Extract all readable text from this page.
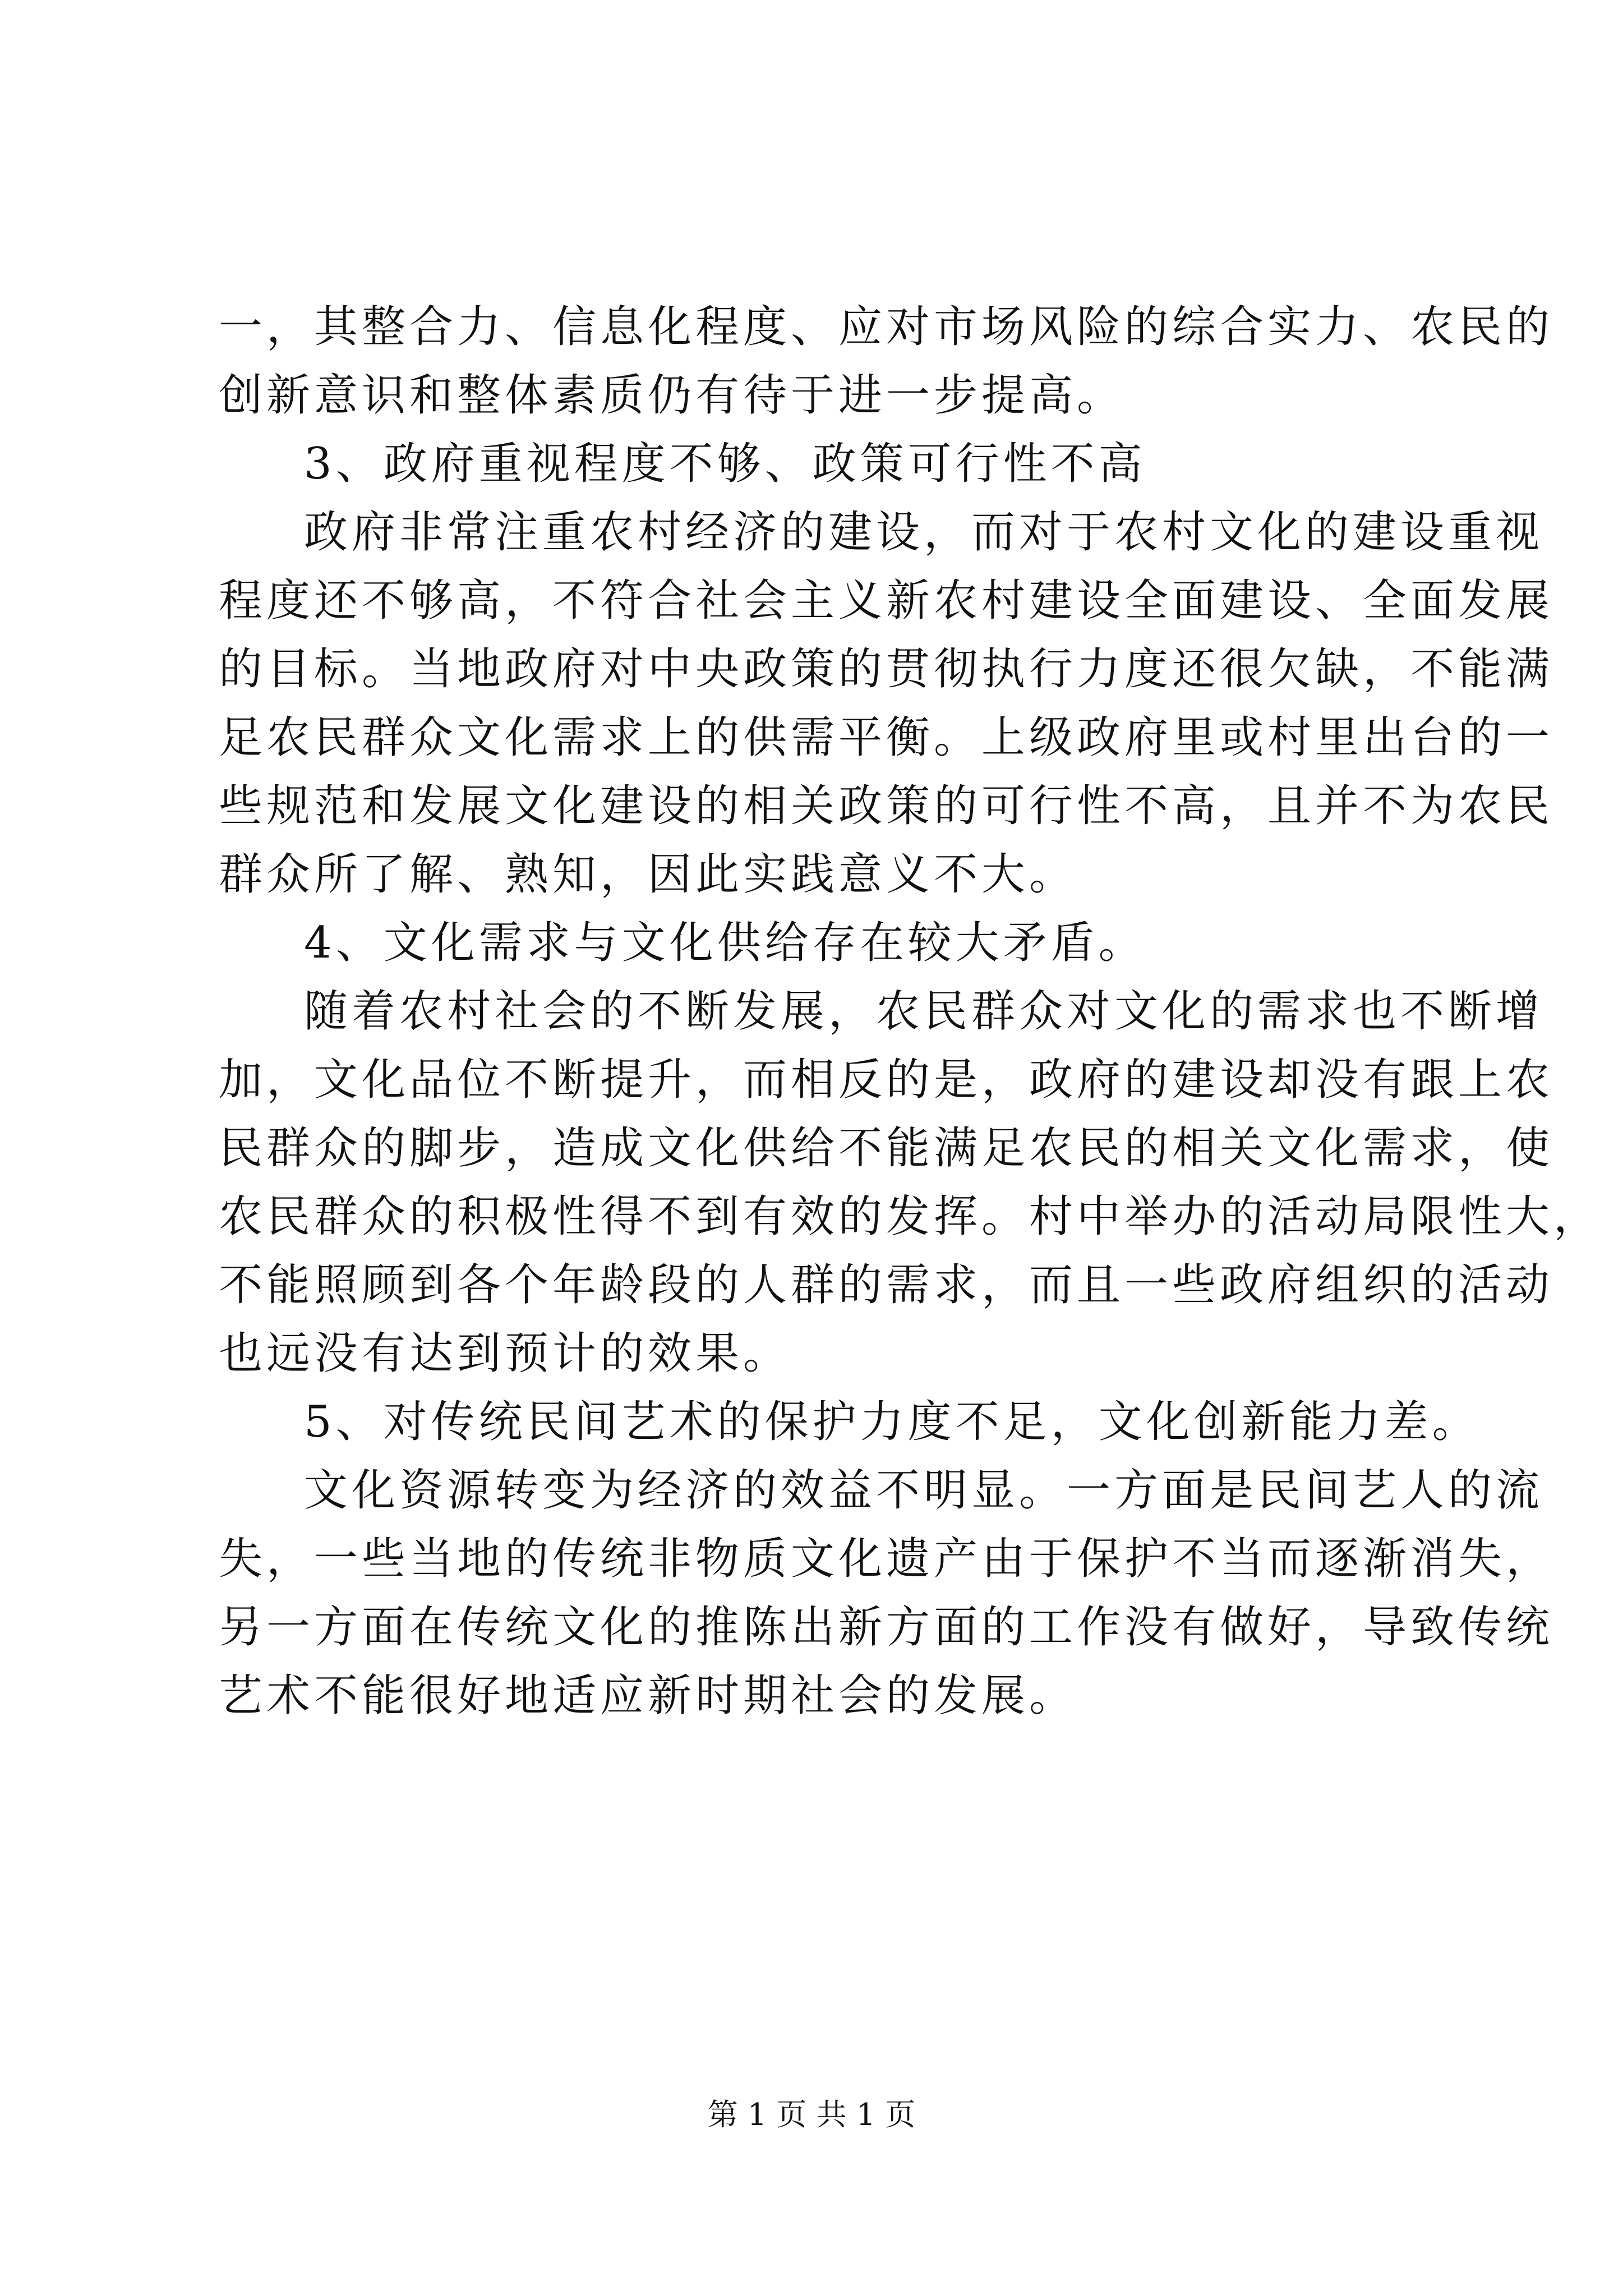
一，其整合力、信息化程度、应对市场风险的综合实力、农民的
创新意识和整体素质仍有待于进一步提高。
3、政府重视程度不够、政策可行性不高
政府非常注重农村经济的建设，而对于农村文化的建设重视
程度还不够高，不符合社会主义新农村建设全面建设、全面发展
的目标。当地政府对中央政策的贯彻执行力度还很欠缺，不能满
足农民群众文化需求上的供需平衡。上级政府里或村里出台的一
些规范和发展文化建设的相关政策的可行性不高，且并不为农民
群众所了解、熟知，因此实践意义不大。
4、文化需求与文化供给存在较大矛盾。
随着农村社会的不断发展，农民群众对文化的需求也不断增
加，文化品位不断提升，而相反的是，政府的建设却没有跟上农
民群众的脚步，造成文化供给不能满足农民的相关文化需求，使
农民群众的积极性得不到有效的发挥。村中举办的活动局限性大，
不能照顾到各个年龄段的人群的需求，而且一些政府组织的活动
也远没有达到预计的效果。
5、对传统民间艺术的保护力度不足，文化创新能力差。
文化资源转变为经济的效益不明显。一方面是民间艺人的流
失，一些当地的传统非物质文化遗产由于保护不当而逐渐消失，
另一方面在传统文化的推陈出新方面的工作没有做好，导致传统
艺术不能很好地适应新时期社会的发展。
第 1 页 共 1 页
